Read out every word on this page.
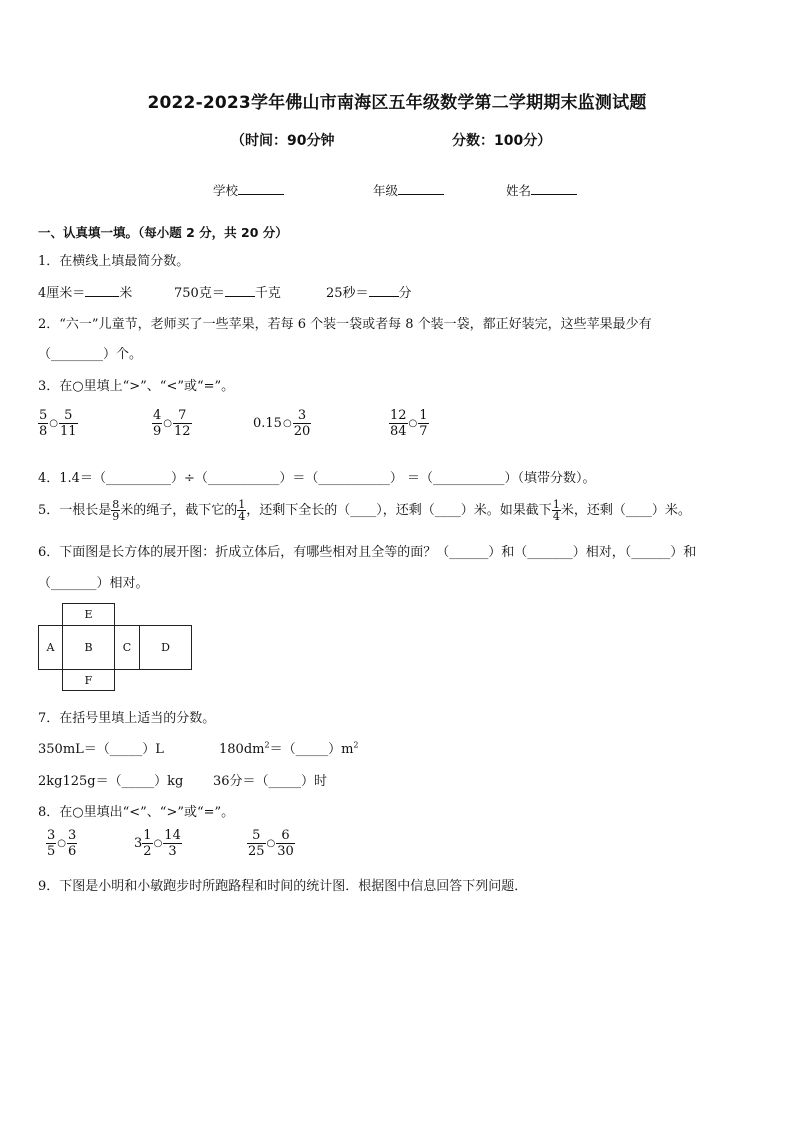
2022-2023学年佛山市南海区五年级数学第二学期期末监测试题
（时间：90分钟	分数：100分）
学校	年级	姓名
一、认真填一填。（每小题 2 分，共 20 分）
1．在横线上填最简分数。
4厘米＝	米	750克＝ 千克	25秒＝ 分
2．“六一”儿童节，老师买了一些苹果，若每 6 个装一袋或者每 8 个装一袋，都正好装完，这些苹果最少有
（________）个。
3．在○里填上“>”、“<”或“=”。
$\frac{5}{8}$ ○ $\frac{5}{11}$	$\frac{4}{9}$ ○ $\frac{7}{12}$	0.15○ $\frac{3}{20}$	$\frac{12}{84}$ ○ $\frac{1}{7}$
4．1.4＝（__________）÷（___________）＝（___________） ＝（___________）（填带分数）。
5．一根长是 $\frac{8}{9}$ 米的绳子，截下它的 $\frac{1}{4}$ ，还剩下全长的（____），还剩（____）米。如果截下 $\frac{1}{4}$ 米，还剩（____）米。
6．下面图是长方体的展开图：折成立体后，有哪些相对且全等的面？（______）和（_______）相对，（______）和
（_______）相对。
E
A	B	C	D
F
7．在括号里填上适当的分数。
350mL＝（_____）L	$180dm^2=(\_\_\_\_\_)m^2$
2kg125g＝（_____）kg 36分＝（_____）时
8．在○里填出“<”、“>”或“=”。
$\frac{3}{5}$ ○ $\frac{3}{6}$	$3 \frac{1}{2}$ ○ $\frac{14}{3}$	$\frac{5}{25}$ ○ $\frac{6}{30}$
9．下图是小明和小敏跑步时所跑路程和时间的统计图．根据图中信息回答下列问题．
